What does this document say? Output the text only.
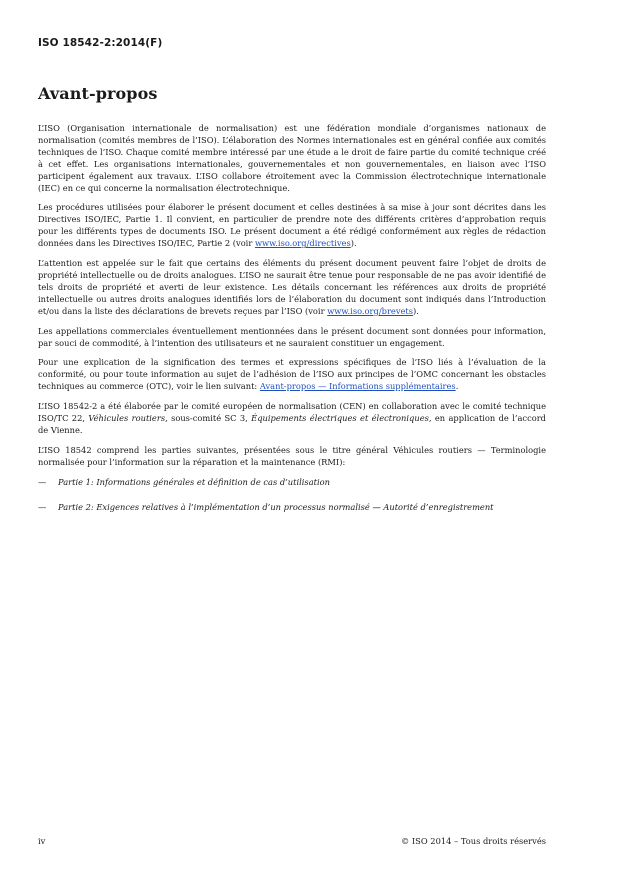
ISO 18542-2:2014(F)
Avant-propos

L’ISO (Organisation internationale de normalisation) est une fédération mondiale d’organismes nationaux de normalisation (comités membres de l’ISO). L’élaboration des Normes internationales est en général confiée aux comités techniques de l’ISO. Chaque comité membre intéressé par une étude a le droit de faire partie du comité technique créé à cet effet. Les organisations internationales, gouvernementales et non gouvernementales, en liaison avec l’ISO participent également aux travaux. L’ISO collabore étroitement avec la Commission électrotechnique internationale (IEC) en ce qui concerne la normalisation électrotechnique.

Les procédures utilisées pour élaborer le présent document et celles destinées à sa mise à jour sont décrites dans les Directives ISO/IEC, Partie 1. Il convient, en particulier de prendre note des différents critères d’approbation requis pour les différents types de documents ISO. Le présent document a été rédigé conformément aux règles de rédaction données dans les Directives ISO/IEC, Partie 2 (voir www.iso.org/directives).

L’attention est appelée sur le fait que certains des éléments du présent document peuvent faire l’objet de droits de propriété intellectuelle ou de droits analogues. L’ISO ne saurait être tenue pour responsable de ne pas avoir identifié de tels droits de propriété et averti de leur existence. Les détails concernant les références aux droits de propriété intellectuelle ou autres droits analogues identifiés lors de l’élaboration du document sont indiqués dans l’Introduction et/ou dans la liste des déclarations de brevets reçues par l’ISO (voir www.iso.org/brevets).

Les appellations commerciales éventuellement mentionnées dans le présent document sont données pour information, par souci de commodité, à l’intention des utilisateurs et ne sauraient constituer un engagement.

Pour une explication de la signification des termes et expressions spécifiques de l’ISO liés à l’évaluation de la conformité, ou pour toute information au sujet de l’adhésion de l’ISO aux principes de l’OMC concernant les obstacles techniques au commerce (OTC), voir le lien suivant: Avant-propos — Informations supplémentaires.

L’ISO 18542-2 a été élaborée par le comité européen de normalisation (CEN) en collaboration avec le comité technique ISO/TC 22, Véhicules routiers, sous-comité SC 3, Équipements électriques et électroniques, en application de l’accord de Vienne.

L’ISO 18542 comprend les parties suivantes, présentées sous le titre général Véhicules routiers — Terminologie normalisée pour l’information sur la réparation et la maintenance (RMI):

—	Partie 1: Informations générales et définition de cas d’utilisation
—	Partie 2: Exigences relatives à l’implémentation d’un processus normalisé — Autorité d’enregistrement
iv	© ISO 2014 – Tous droits réservés
